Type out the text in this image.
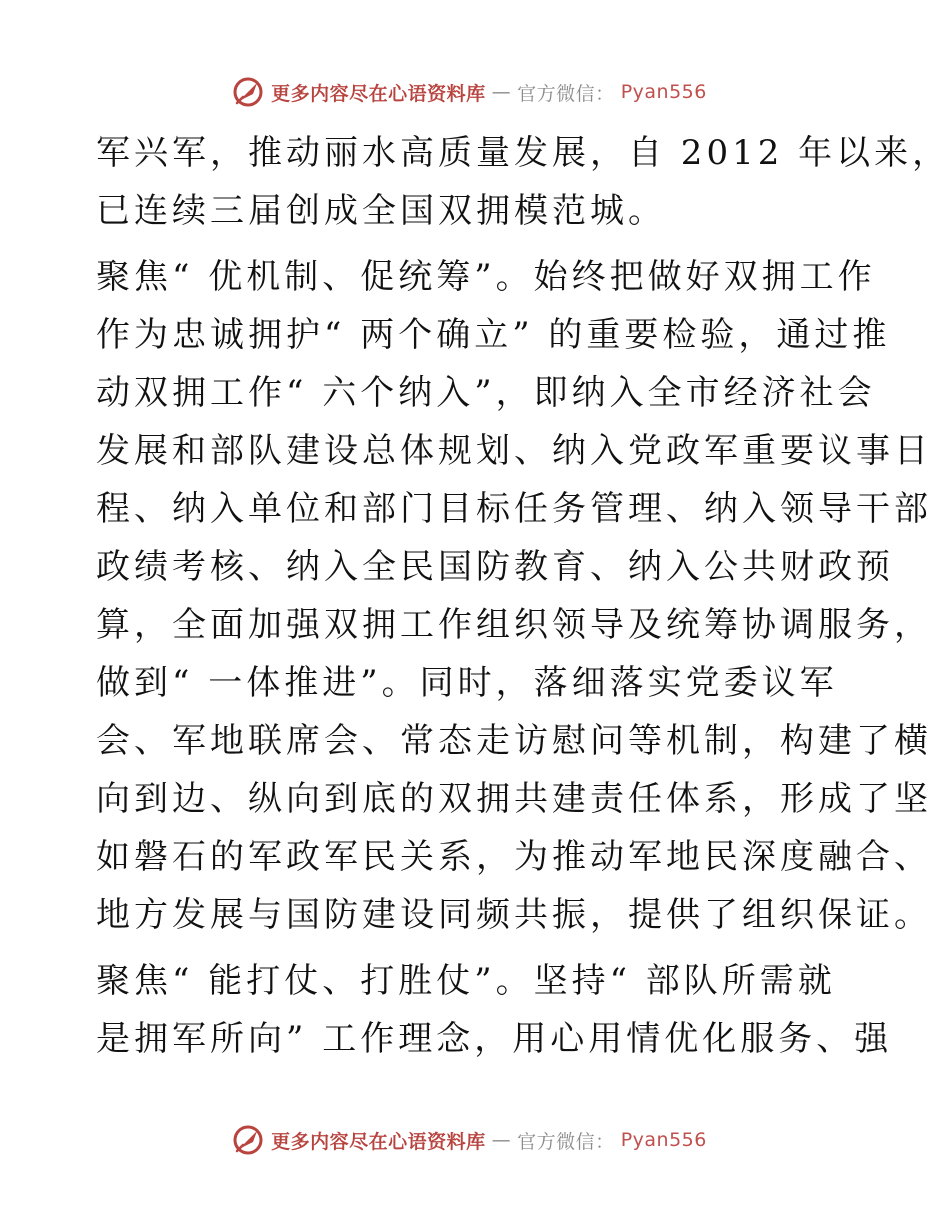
更多内容尽在心语资料库 — 官方微信： Pyan556
军兴军，推动丽水高质量发展，自 2012 年以来，
已连续三届创成全国双拥模范城。
聚焦“ 优机制、促统筹”。始终把做好双拥工作
作为忠诚拥护“ 两个确立” 的重要检验，通过推
动双拥工作“ 六个纳入”，即纳入全市经济社会
发展和部队建设总体规划、纳入党政军重要议事日
程、纳入单位和部门目标任务管理、纳入领导干部
政绩考核、纳入全民国防教育、纳入公共财政预
算，全面加强双拥工作组织领导及统筹协调服务，
做到“ 一体推进”。同时，落细落实党委议军
会、军地联席会、常态走访慰问等机制，构建了横
向到边、纵向到底的双拥共建责任体系，形成了坚
如磐石的军政军民关系，为推动军地民深度融合、
地方发展与国防建设同频共振，提供了组织保证。
聚焦“ 能打仗、打胜仗”。坚持“ 部队所需就
是拥军所向” 工作理念，用心用情优化服务、强
更多内容尽在心语资料库 — 官方微信： Pyan556
